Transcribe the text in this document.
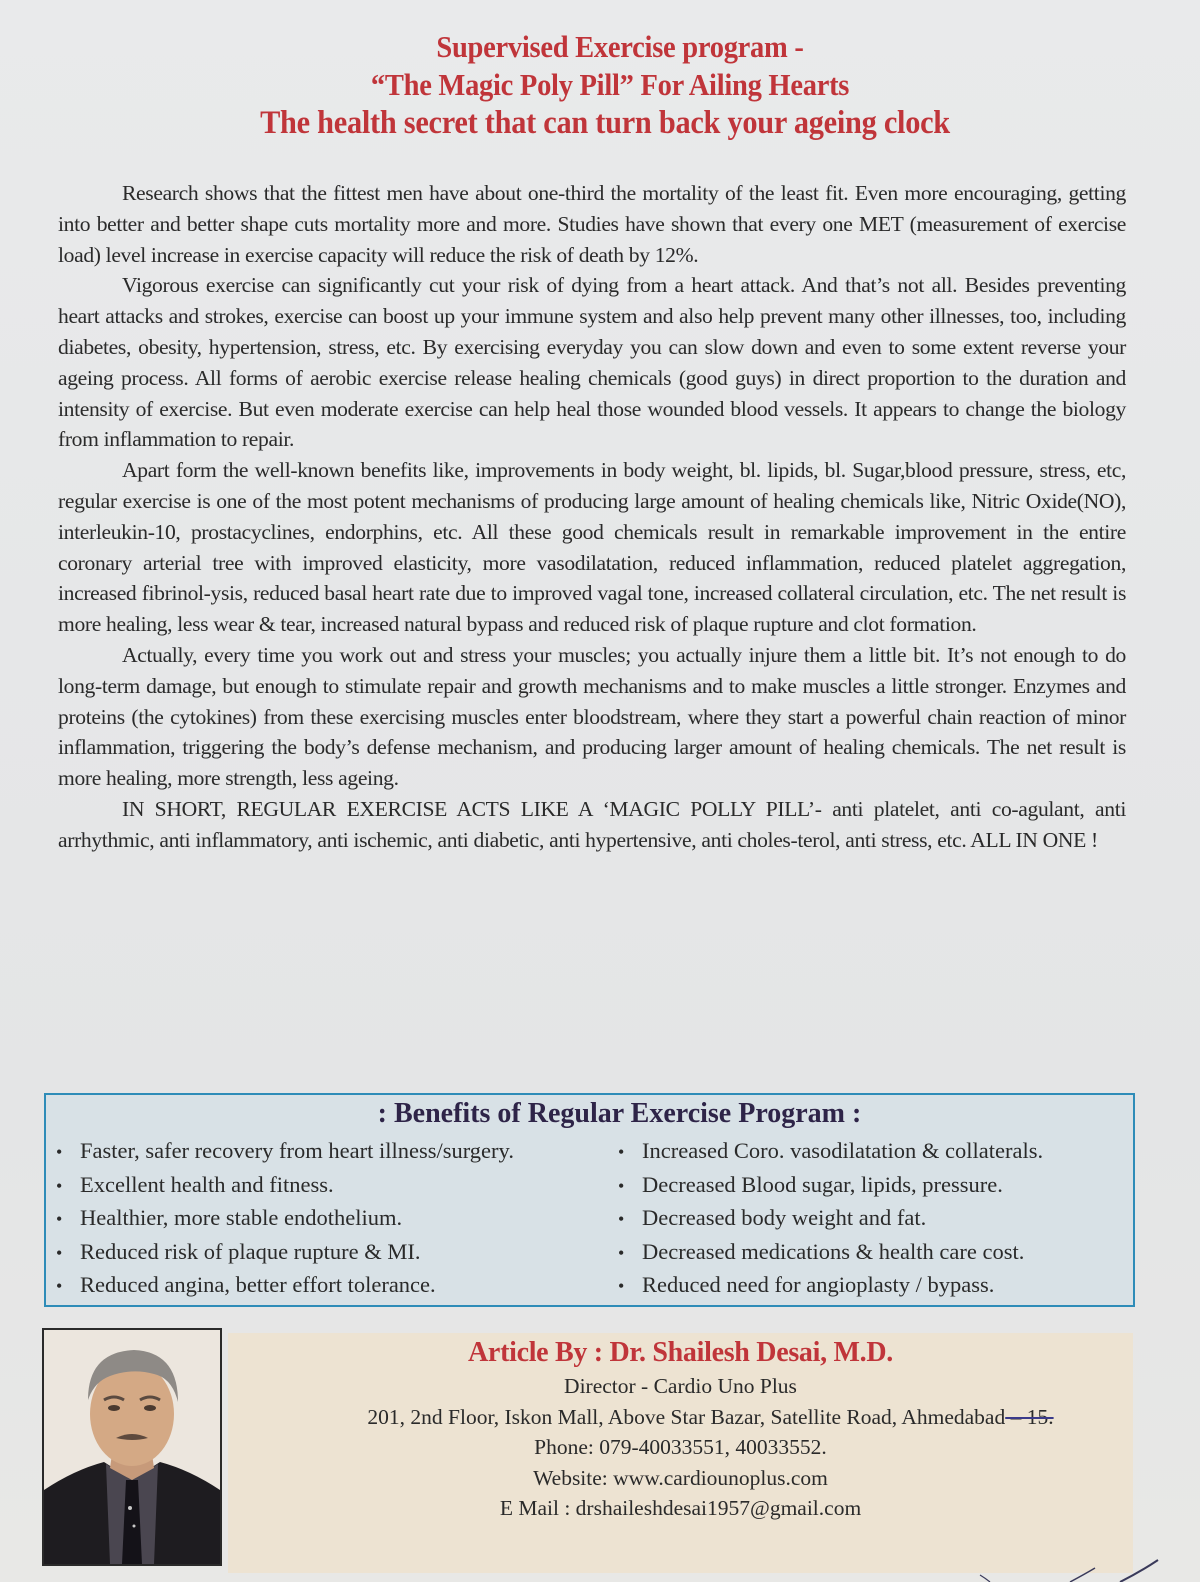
Supervised Exercise program -
“The Magic Poly Pill” For Ailing Hearts
The health secret that can turn back your ageing clock

Research shows that the fittest men have about one-third the mortality of the least fit. Even more encouraging, getting into better and better shape cuts mortality more and more. Studies have shown that every one MET (measurement of exercise load) level increase in exercise capacity will reduce the risk of death by 12%.

Vigorous exercise can significantly cut your risk of dying from a heart attack. And that’s not all. Besides preventing heart attacks and strokes, exercise can boost up your immune system and also help prevent many other illnesses, too, including diabetes, obesity, hypertension, stress, etc. By exercising everyday you can slow down and even to some extent reverse your ageing process. All forms of aerobic exercise release healing chemicals (good guys) in direct proportion to the duration and intensity of exercise. But even moderate exercise can help heal those wounded blood vessels. It appears to change the biology from inflammation to repair.

Apart form the well-known benefits like, improvements in body weight, bl. lipids, bl. Sugar,blood pressure, stress, etc, regular exercise is one of the most potent mechanisms of producing large amount of healing chemicals like, Nitric Oxide(NO), interleukin-10, prostacyclines, endorphins, etc. All these good chemicals result in remarkable improvement in the entire coronary arterial tree with improved elasticity, more vasodilatation, reduced inflammation, reduced platelet aggregation, increased fibrinol-ysis, reduced basal heart rate due to improved vagal tone, increased collateral circulation, etc. The net result is more healing, less wear & tear, increased natural bypass and reduced risk of plaque rupture and clot formation.

Actually, every time you work out and stress your muscles; you actually injure them a little bit. It’s not enough to do long-term damage, but enough to stimulate repair and growth mechanisms and to make muscles a little stronger. Enzymes and proteins (the cytokines) from these exercising muscles enter bloodstream, where they start a powerful chain reaction of minor inflammation, triggering the body’s defense mechanism, and producing larger amount of healing chemicals. The net result is more healing, more strength, less ageing.

IN SHORT, REGULAR EXERCISE ACTS LIKE A ‘MAGIC POLLY PILL’- anti platelet, anti co-agulant, anti arrhythmic, anti inflammatory, anti ischemic, anti diabetic, anti hypertensive, anti choles-terol, anti stress, etc. ALL IN ONE !

: Benefits of Regular Exercise Program :
• Faster, safer recovery from heart illness/surgery.
• Excellent health and fitness.
• Healthier, more stable endothelium.
• Reduced risk of plaque rupture & MI.
• Reduced angina, better effort tolerance.
• Increased Coro. vasodilatation & collaterals.
• Decreased Blood sugar, lipids, pressure.
• Decreased body weight and fat.
• Decreased medications & health care cost.
• Reduced need for angioplasty / bypass.
Article By : Dr. Shailesh Desai, M.D.
Director - Cardio Uno Plus
201, 2nd Floor, Iskon Mall, Above Star Bazar, Satellite Road, Ahmedabad – 15.
Phone: 079-40033551, 40033552.
Website: www.cardiounoplus.com
E Mail : drshaileshdesai1957@gmail.com
